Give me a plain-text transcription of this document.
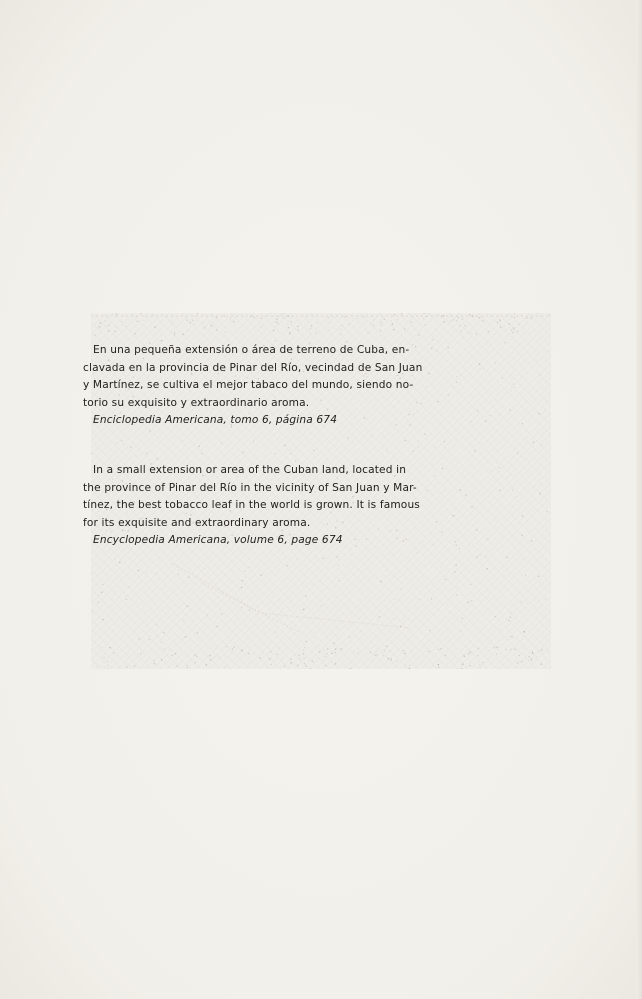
En una pequeña extensión o área de terreno de Cuba, en-
clavada en la provincia de Pinar del Río, vecindad de San Juan
y Martínez, se cultiva el mejor tabaco del mundo, siendo no-
torio su exquisito y extraordinario aroma.
Enciclopedia Americana, tomo 6, página 674
In a small extension or area of the Cuban land, located in
the province of Pinar del Río in the vicinity of San Juan y Mar-
tínez, the best tobacco leaf in the world is grown. It is famous
for its exquisite and extraordinary aroma.
Encyclopedia Americana, volume 6, page 674
